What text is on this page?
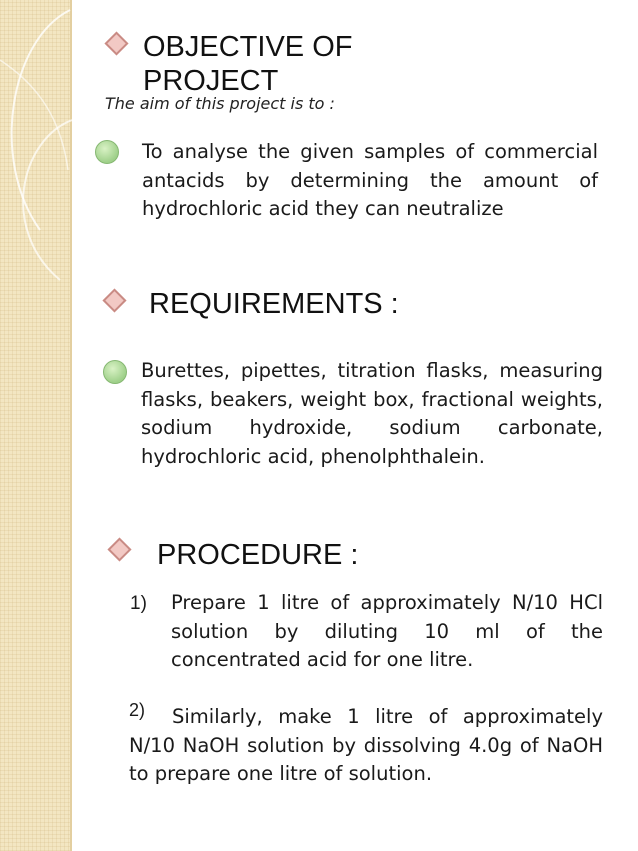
OBJECTIVE OF PROJECT
The aim of this project is to :
To analyse the given samples of commercial antacids by determining the amount of hydrochloric acid they can neutralize
REQUIREMENTS :
Burettes, pipettes, titration flasks, measuring flasks, beakers, weight box, fractional weights, sodium hydroxide, sodium carbonate, hydrochloric acid, phenolphthalein.
PROCEDURE :
1) Prepare 1 litre of approximately N/10 HCl solution by diluting 10 ml of the concentrated acid for one litre.
2)	Similarly, make 1 litre of approximately N/10 NaOH solution by dissolving 4.0g of NaOH to prepare one litre of solution.
